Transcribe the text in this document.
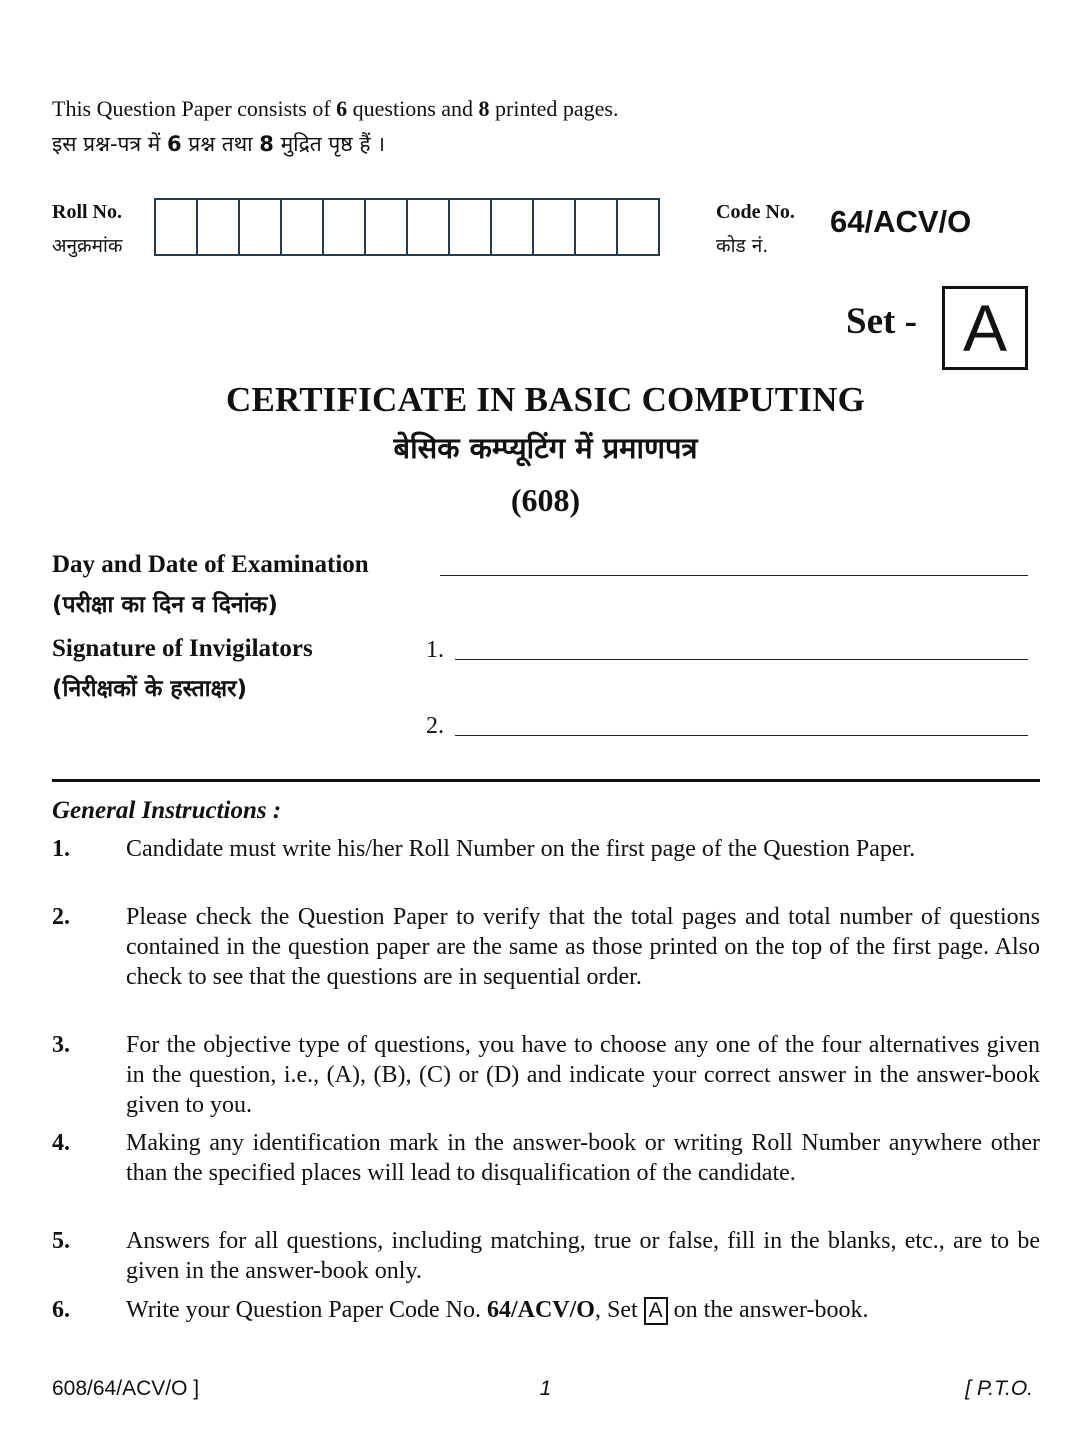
This Question Paper consists of 6 questions and 8 printed pages.
इस प्रश्न-पत्र में 6 प्रश्न तथा 8 मुद्रित पृष्ठ हैं ।
Roll No.
अनुक्रमांक
Code No.
कोड नं.
64/ACV/O
Set - A
CERTIFICATE IN BASIC COMPUTING
बेसिक कम्प्यूटिंग में प्रमाणपत्र
(608)
Day and Date of Examination
(परीक्षा का दिन व दिनांक)
Signature of Invigilators
(निरीक्षकों के हस्ताक्षर)
1.
2.
General Instructions :
1. Candidate must write his/her Roll Number on the first page of the Question Paper.
2. Please check the Question Paper to verify that the total pages and total number of questions contained in the question paper are the same as those printed on the top of the first page. Also check to see that the questions are in sequential order.
3. For the objective type of questions, you have to choose any one of the four alternatives given in the question, i.e., (A), (B), (C) or (D) and indicate your correct answer in the answer-book given to you.
4. Making any identification mark in the answer-book or writing Roll Number anywhere other than the specified places will lead to disqualification of the candidate.
5. Answers for all questions, including matching, true or false, fill in the blanks, etc., are to be given in the answer-book only.
6. Write your Question Paper Code No. 64/ACV/O, Set A on the answer-book.
608/64/ACV/O ]	1	[ P.T.O.
